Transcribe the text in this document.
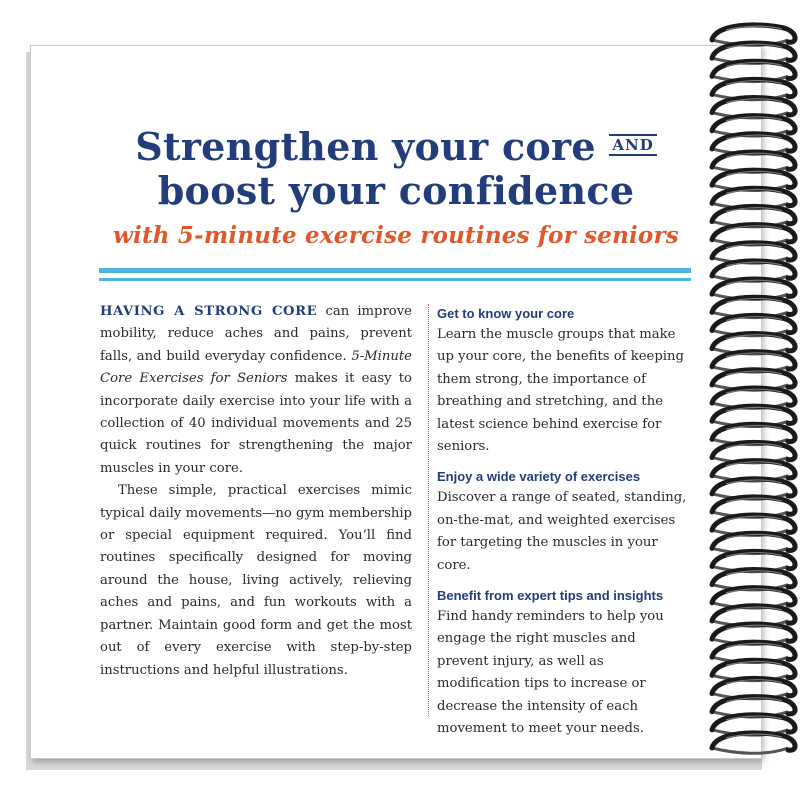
Strengthen your core AND
boost your confidence
with 5-minute exercise routines for seniors

HAVING A STRONG CORE can improve mobility, reduce aches and pains, prevent falls, and build everyday confidence. 5-Minute Core Exercises for Seniors makes it easy to incorporate daily exercise into your life with a collection of 40 individual movements and 25 quick routines for strengthening the major muscles in your core.

These simple, practical exercises mimic typical daily movements—no gym membership or special equipment required. You’ll find routines specifically designed for moving around the house, living actively, relieving aches and pains, and fun workouts with a partner. Maintain good form and get the most out of every exercise with step-by-step instructions and helpful illustrations.

Get to know your core

Learn the muscle groups that make up your core, the benefits of keeping them strong, the importance of breathing and stretching, and the latest science behind exercise for seniors.

Enjoy a wide variety of exercises

Discover a range of seated, standing, on-the-mat, and weighted exercises for targeting the muscles in your core.

Benefit from expert tips and insights

Find handy reminders to help you engage the right muscles and prevent injury, as well as modification tips to increase or decrease the intensity of each movement to meet your needs.
